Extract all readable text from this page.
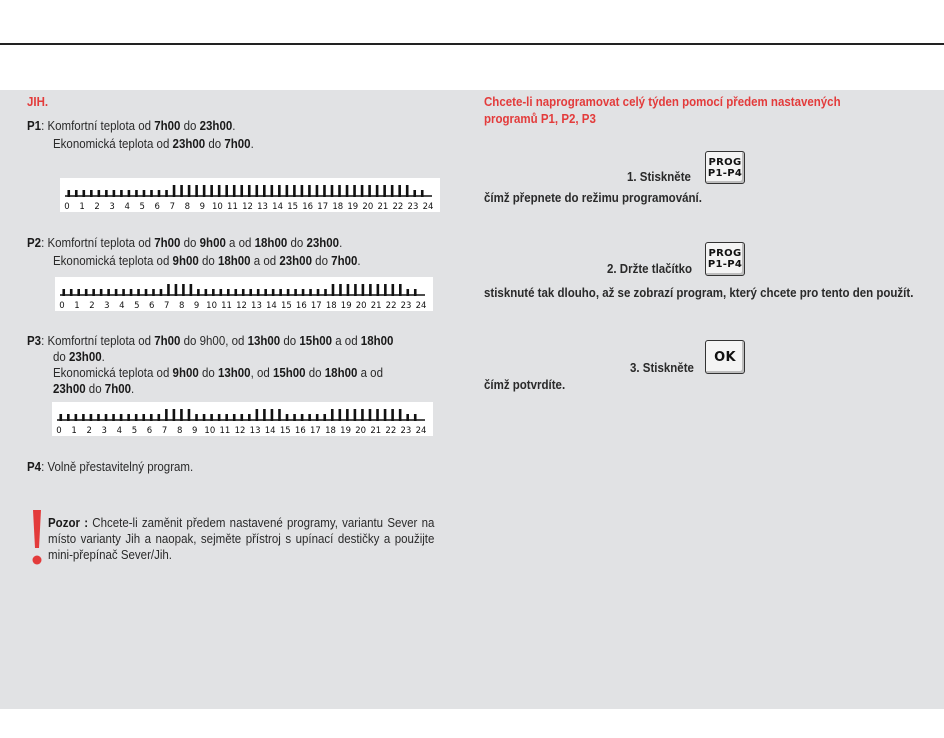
JIH.
P1: Komfortní teplota od 7h00 do 23h00.
Ekonomická teplota od 23h00 do 7h00.
0 1 2 3 4 5 6 7 8 9 10 11 12 13 14 15 16 17 18 19 20 21 22 23 24
P2: Komfortní teplota od 7h00 do 9h00 a od 18h00 do 23h00.
Ekonomická teplota od 9h00 do 18h00 a od 23h00 do 7h00.
0 1 2 3 4 5 6 7 8 9 10 11 12 13 14 15 16 17 18 19 20 21 22 23 24
P3: Komfortní teplota od 7h00 do 9h00, od 13h00 do 15h00 a od 18h00
do 23h00.
Ekonomická teplota od 9h00 do 13h00, od 15h00 do 18h00 a od
23h00 do 7h00.
0 1 2 3 4 5 6 7 8 9 10 11 12 13 14 15 16 17 18 19 20 21 22 23 24
P4: Volně přestavitelný program.
Pozor : Chcete-li zaměnit předem nastavené programy, variantu Sever na místo varianty Jih a naopak, sejměte přístroj s upínací destičky a použijte mini-přepínač Sever/Jih.
Chcete-li naprogramovat celý týden pomocí předem nastavených programů P1, P2, P3
1. Stiskněte
PROG
P1-P4
čímž přepnete do režimu programování.
2. Držte tlačítko
PROG
P1-P4
stisknuté tak dlouho, až se zobrazí program, který chcete pro tento den použít.
3. Stiskněte
OK
čímž potvrdíte.
